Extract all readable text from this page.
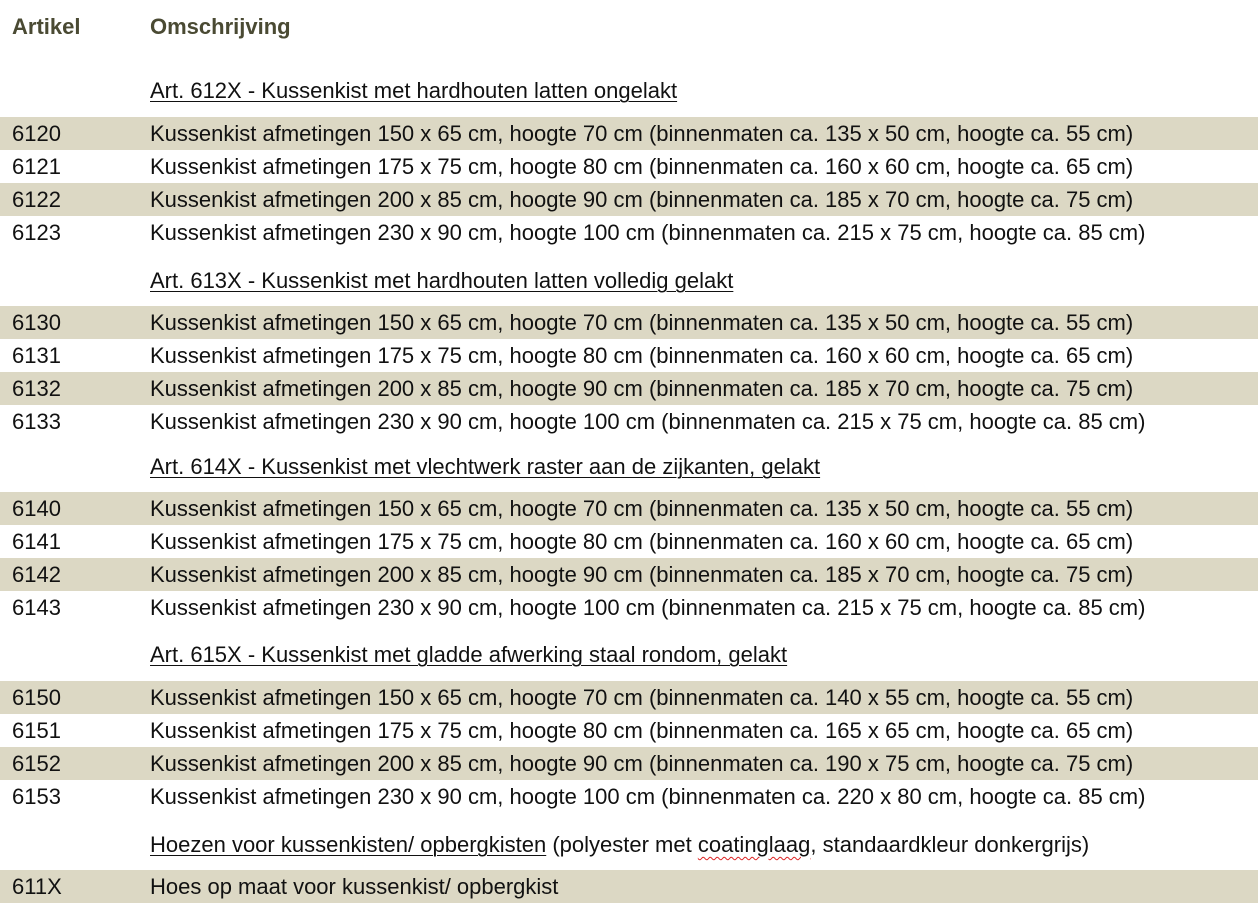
Artikel	Omschrijving
Art. 612X - Kussenkist met hardhouten latten ongelakt
6120	Kussenkist afmetingen 150 x 65 cm, hoogte 70 cm (binnenmaten ca. 135 x 50 cm, hoogte ca. 55 cm)
6121	Kussenkist afmetingen 175 x 75 cm, hoogte 80 cm (binnenmaten ca. 160 x 60 cm, hoogte ca. 65 cm)
6122	Kussenkist afmetingen 200 x 85 cm, hoogte 90 cm (binnenmaten ca. 185 x 70 cm, hoogte ca. 75 cm)
6123	Kussenkist afmetingen 230 x 90 cm, hoogte 100 cm (binnenmaten ca. 215 x 75 cm, hoogte ca. 85 cm)
Art. 613X - Kussenkist met hardhouten latten volledig gelakt
6130	Kussenkist afmetingen 150 x 65 cm, hoogte 70 cm (binnenmaten ca. 135 x 50 cm, hoogte ca. 55 cm)
6131	Kussenkist afmetingen 175 x 75 cm, hoogte 80 cm (binnenmaten ca. 160 x 60 cm, hoogte ca. 65 cm)
6132	Kussenkist afmetingen 200 x 85 cm, hoogte 90 cm (binnenmaten ca. 185 x 70 cm, hoogte ca. 75 cm)
6133	Kussenkist afmetingen 230 x 90 cm, hoogte 100 cm (binnenmaten ca. 215 x 75 cm, hoogte ca. 85 cm)
Art. 614X - Kussenkist met vlechtwerk raster aan de zijkanten, gelakt
6140	Kussenkist afmetingen 150 x 65 cm, hoogte 70 cm (binnenmaten ca. 135 x 50 cm, hoogte ca. 55 cm)
6141	Kussenkist afmetingen 175 x 75 cm, hoogte 80 cm (binnenmaten ca. 160 x 60 cm, hoogte ca. 65 cm)
6142	Kussenkist afmetingen 200 x 85 cm, hoogte 90 cm (binnenmaten ca. 185 x 70 cm, hoogte ca. 75 cm)
6143	Kussenkist afmetingen 230 x 90 cm, hoogte 100 cm (binnenmaten ca. 215 x 75 cm, hoogte ca. 85 cm)
Art. 615X - Kussenkist met gladde afwerking staal rondom, gelakt
6150	Kussenkist afmetingen 150 x 65 cm, hoogte 70 cm (binnenmaten ca. 140 x 55 cm, hoogte ca. 55 cm)
6151	Kussenkist afmetingen 175 x 75 cm, hoogte 80 cm (binnenmaten ca. 165 x 65 cm, hoogte ca. 65 cm)
6152	Kussenkist afmetingen 200 x 85 cm, hoogte 90 cm (binnenmaten ca. 190 x 75 cm, hoogte ca. 75 cm)
6153	Kussenkist afmetingen 230 x 90 cm, hoogte 100 cm (binnenmaten ca. 220 x 80 cm, hoogte ca. 85 cm)
Hoezen voor kussenkisten/ opbergkisten (polyester met coatinglaag, standaardkleur donkergrijs)
611X	Hoes op maat voor kussenkist/ opbergkist
